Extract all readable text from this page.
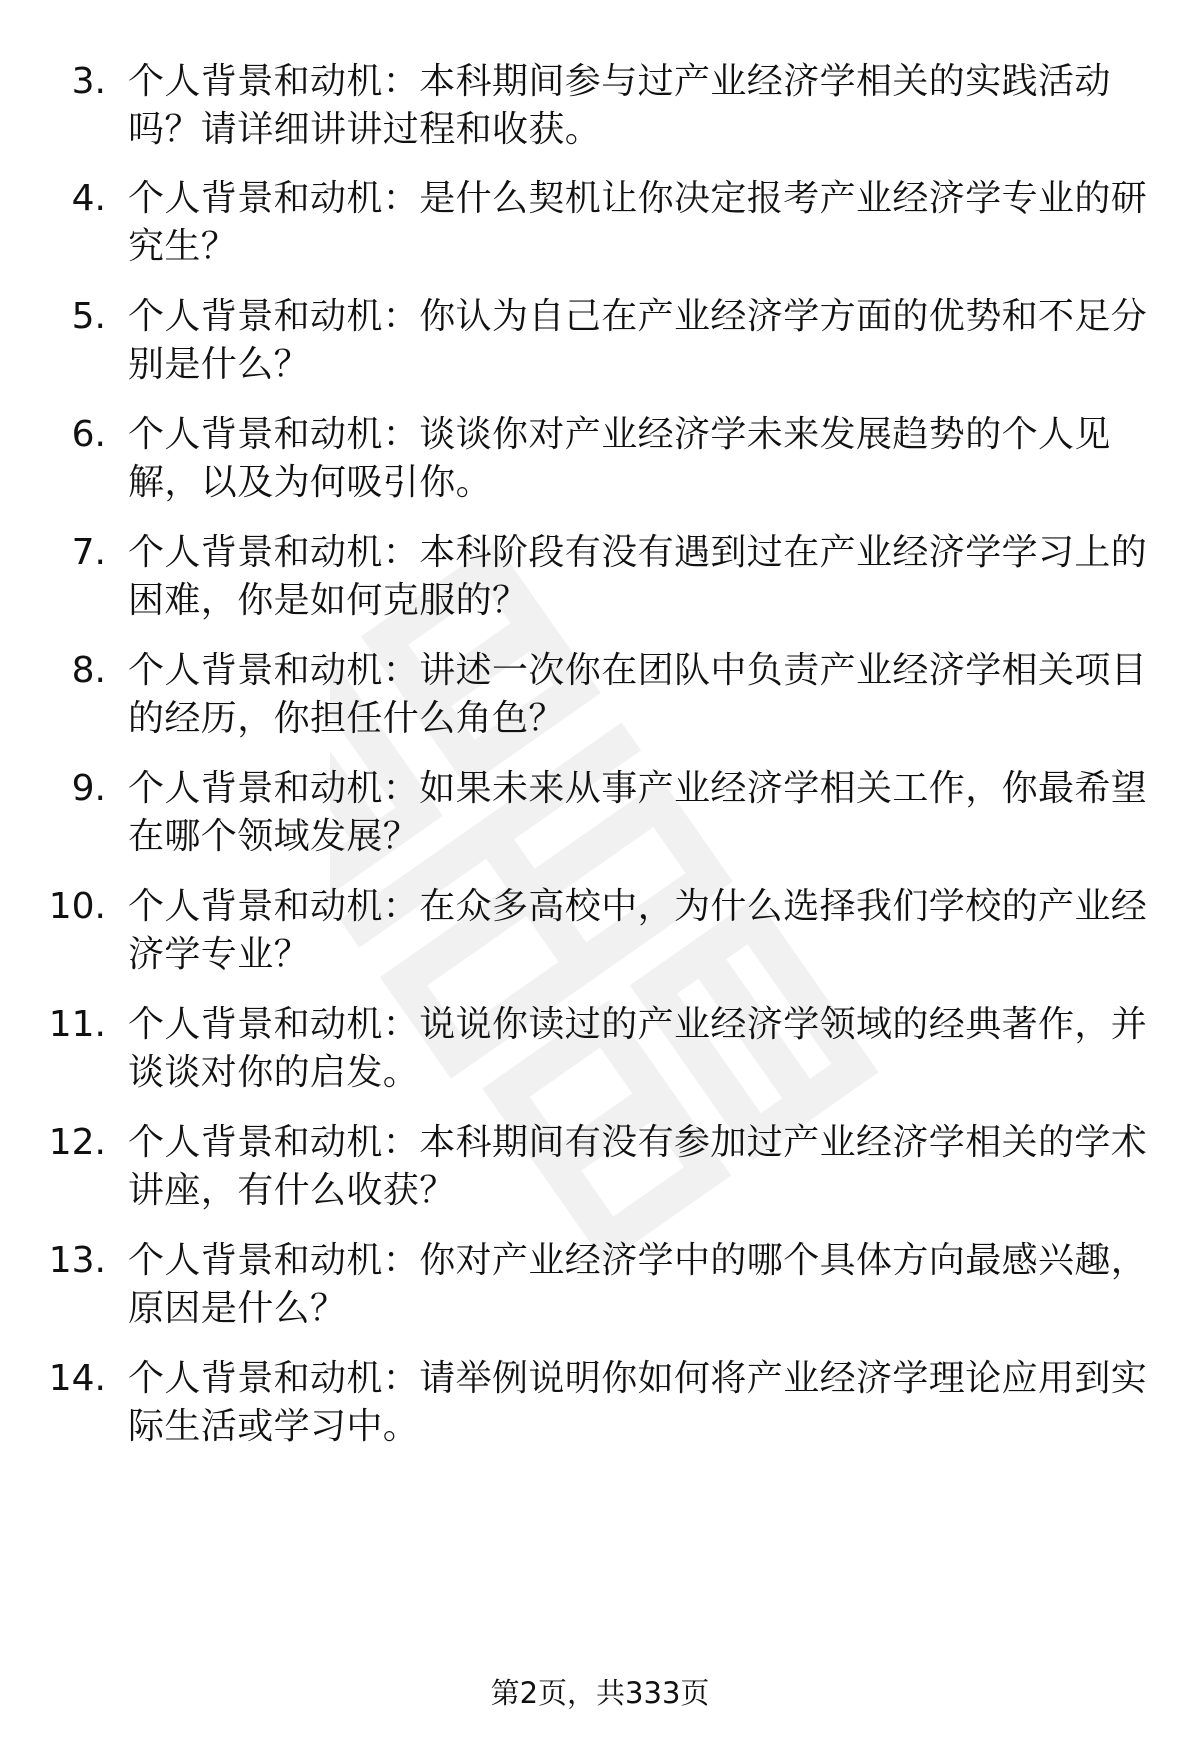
3. 个人背景和动机：本科期间参与过产业经济学相关的实践活动吗？请详细讲讲过程和收获。
4. 个人背景和动机：是什么契机让你决定报考产业经济学专业的研究生？
5. 个人背景和动机：你认为自己在产业经济学方面的优势和不足分别是什么？
6. 个人背景和动机：谈谈你对产业经济学未来发展趋势的个人见解，以及为何吸引你。
7. 个人背景和动机：本科阶段有没有遇到过在产业经济学学习上的困难，你是如何克服的？
8. 个人背景和动机：讲述一次你在团队中负责产业经济学相关项目的经历，你担任什么角色？
9. 个人背景和动机：如果未来从事产业经济学相关工作，你最希望在哪个领域发展？
10. 个人背景和动机：在众多高校中，为什么选择我们学校的产业经济学专业？
11. 个人背景和动机：说说你读过的产业经济学领域的经典著作，并谈谈对你的启发。
12. 个人背景和动机：本科期间有没有参加过产业经济学相关的学术讲座，有什么收获？
13. 个人背景和动机：你对产业经济学中的哪个具体方向最感兴趣，原因是什么？
14. 个人背景和动机：请举例说明你如何将产业经济学理论应用到实际生活或学习中。
第2页，共333页
